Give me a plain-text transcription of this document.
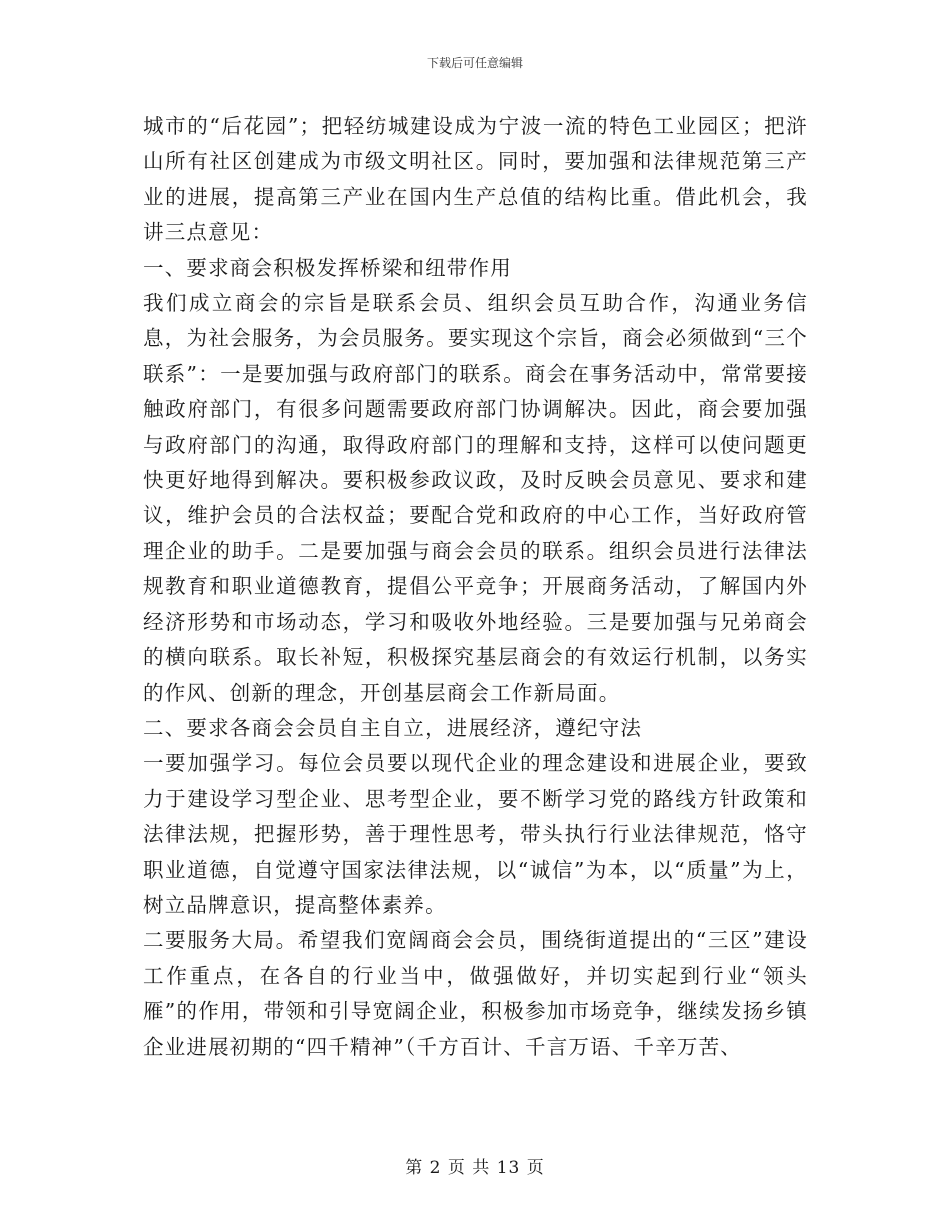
下载后可任意编辑

城市的“后花园”；把轻纺城建设成为宁波一流的特色工业园区；把浒山所有社区创建成为市级文明社区。同时，要加强和法律规范第三产业的进展，提高第三产业在国内生产总值的结构比重。借此机会，我讲三点意见：

一、要求商会积极发挥桥梁和纽带作用

我们成立商会的宗旨是联系会员、组织会员互助合作，沟通业务信息，为社会服务，为会员服务。要实现这个宗旨，商会必须做到“三个联系”：一是要加强与政府部门的联系。商会在事务活动中，常常要接触政府部门，有很多问题需要政府部门协调解决。因此，商会要加强与政府部门的沟通，取得政府部门的理解和支持，这样可以使问题更快更好地得到解决。要积极参政议政，及时反映会员意见、要求和建议，维护会员的合法权益；要配合党和政府的中心工作，当好政府管理企业的助手。二是要加强与商会会员的联系。组织会员进行法律法规教育和职业道德教育，提倡公平竞争；开展商务活动，了解国内外经济形势和市场动态，学习和吸收外地经验。三是要加强与兄弟商会的横向联系。取长补短，积极探究基层商会的有效运行机制，以务实的作风、创新的理念，开创基层商会工作新局面。

二、要求各商会会员自主自立，进展经济，遵纪守法

一要加强学习。每位会员要以现代企业的理念建设和进展企业，要致力于建设学习型企业、思考型企业，要不断学习党的路线方针政策和法律法规，把握形势，善于理性思考，带头执行行业法律规范，恪守职业道德，自觉遵守国家法律法规，以“诚信”为本，以“质量”为上，树立品牌意识，提高整体素养。

二要服务大局。希望我们宽阔商会会员，围绕街道提出的“三区”建设工作重点，在各自的行业当中，做强做好，并切实起到行业“领头雁”的作用，带领和引导宽阔企业，积极参加市场竞争，继续发扬乡镇企业进展初期的“四千精神”（千方百计、千言万语、千辛万苦、

第 2 页 共 13 页
